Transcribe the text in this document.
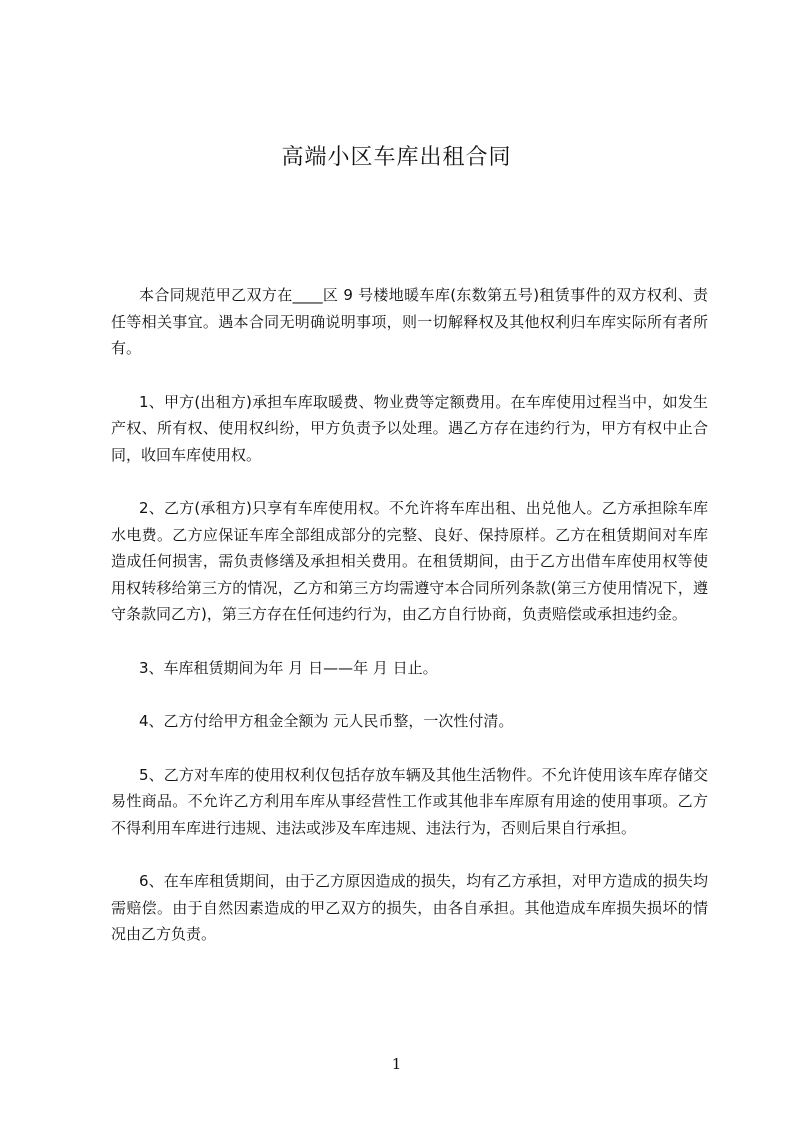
高端小区车库出租合同

本合同规范甲乙双方在____区 9 号楼地暖车库(东数第五号)租赁事件的双方权利、责任等相关事宜。遇本合同无明确说明事项，则一切解释权及其他权利归车库实际所有者所有。

1、甲方(出租方)承担车库取暖费、物业费等定额费用。在车库使用过程当中，如发生产权、所有权、使用权纠纷，甲方负责予以处理。遇乙方存在违约行为，甲方有权中止合同，收回车库使用权。

2、乙方(承租方)只享有车库使用权。不允许将车库出租、出兑他人。乙方承担除车库水电费。乙方应保证车库全部组成部分的完整、良好、保持原样。乙方在租赁期间对车库造成任何损害，需负责修缮及承担相关费用。在租赁期间，由于乙方出借车库使用权等使用权转移给第三方的情况，乙方和第三方均需遵守本合同所列条款(第三方使用情况下，遵守条款同乙方)，第三方存在任何违约行为，由乙方自行协商，负责赔偿或承担违约金。

3、车库租赁期间为年 月 日——年 月 日止。

4、乙方付给甲方租金全额为 元人民币整，一次性付清。

5、乙方对车库的使用权利仅包括存放车辆及其他生活物件。不允许使用该车库存储交易性商品。不允许乙方利用车库从事经营性工作或其他非车库原有用途的使用事项。乙方不得利用车库进行违规、违法或涉及车库违规、违法行为，否则后果自行承担。

6、在车库租赁期间，由于乙方原因造成的损失，均有乙方承担，对甲方造成的损失均需赔偿。由于自然因素造成的甲乙双方的损失，由各自承担。其他造成车库损失损坏的情况由乙方负责。

1
